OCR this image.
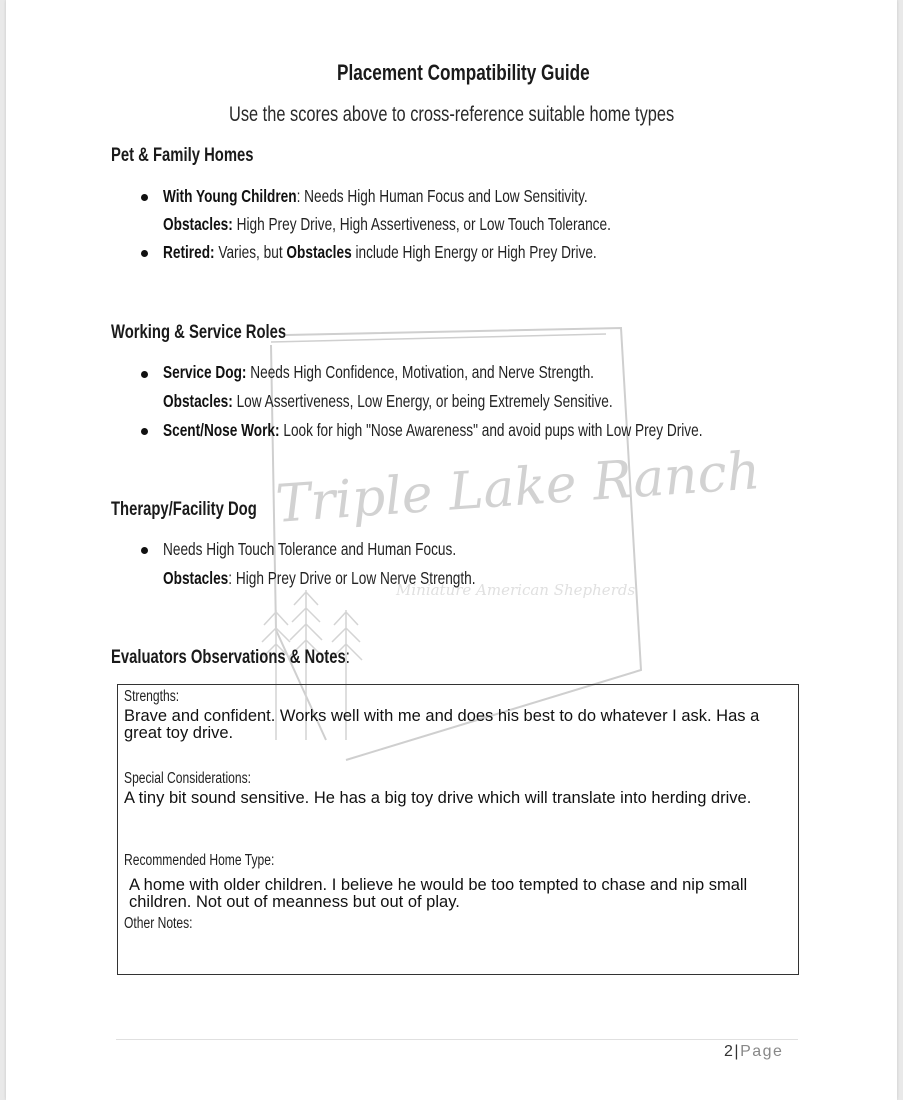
Triple Lake Ranch
Miniature American Shepherds
Placement Compatibility Guide
Use the scores above to cross-reference suitable home types
Pet & Family Homes
With Young Children: Needs High Human Focus and Low Sensitivity.
Obstacles: High Prey Drive, High Assertiveness, or Low Touch Tolerance.
Retired: Varies, but Obstacles include High Energy or High Prey Drive.
Working & Service Roles
Service Dog: Needs High Confidence, Motivation, and Nerve Strength.
Obstacles: Low Assertiveness, Low Energy, or being Extremely Sensitive.
Scent/Nose Work: Look for high "Nose Awareness" and avoid pups with Low Prey Drive.
Therapy/Facility Dog
Needs High Touch Tolerance and Human Focus.
Obstacles: High Prey Drive or Low Nerve Strength.
Evaluators Observations & Notes:
Strengths:
Brave and confident. Works well with me and does his best to do whatever I ask. Has a great toy drive.
Special Considerations:
A tiny bit sound sensitive. He has a big toy drive which will translate into herding drive.
Recommended Home Type:
A home with older children. I believe he would be too tempted to chase and nip small children. Not out of meanness but out of play.
Other Notes:
2|Page
